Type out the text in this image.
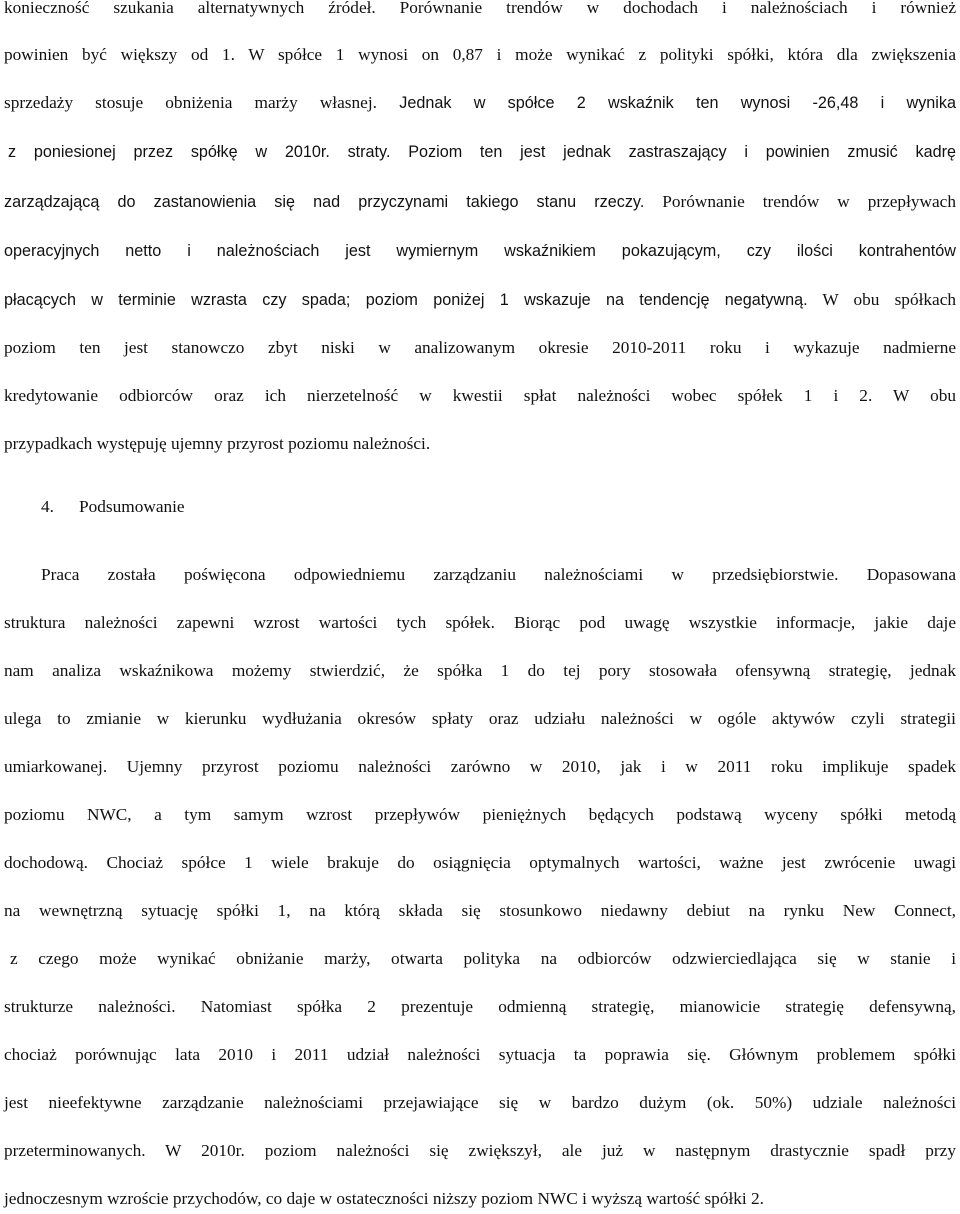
konieczność szukania alternatywnych źródeł. Porównanie trendów w dochodach i należnościach i również
powinien być większy od 1. W spółce 1 wynosi on 0,87 i może wynikać z polityki spółki, która dla zwiększenia
sprzedaży stosuje obniżenia marży własnej. Jednak w spółce 2 wskaźnik ten wynosi -26,48 i wynika
z poniesionej przez spółkę w 2010r. straty. Poziom ten jest jednak zastraszający i powinien zmusić kadrę
zarządzającą do zastanowienia się nad przyczynami takiego stanu rzeczy. Porównanie trendów w przepływach
operacyjnych netto i należnościach jest wymiernym wskaźnikiem pokazującym, czy ilości kontrahentów
płacących w terminie wzrasta czy spada; poziom poniżej 1 wskazuje na tendencję negatywną. W obu spółkach
poziom ten jest stanowczo zbyt niski w analizowanym okresie 2010-2011 roku i wykazuje nadmierne
kredytowanie odbiorców oraz ich nierzetelność w kwestii spłat należności wobec spółek 1 i 2. W obu
przypadkach występuję ujemny przyrost poziomu należności.
4. Podsumowanie
Praca została poświęcona odpowiedniemu zarządzaniu należnościami w przedsiębiorstwie. Dopasowana
struktura należności zapewni wzrost wartości tych spółek. Biorąc pod uwagę wszystkie informacje, jakie daje
nam analiza wskaźnikowa możemy stwierdzić, że spółka 1 do tej pory stosowała ofensywną strategię, jednak
ulega to zmianie w kierunku wydłużania okresów spłaty oraz udziału należności w ogóle aktywów czyli strategii
umiarkowanej. Ujemny przyrost poziomu należności zarówno w 2010, jak i w 2011 roku implikuje spadek
poziomu NWC, a tym samym wzrost przepływów pieniężnych będących podstawą wyceny spółki metodą
dochodową. Chociaż spółce 1 wiele brakuje do osiągnięcia optymalnych wartości, ważne jest zwrócenie uwagi
na wewnętrzną sytuację spółki 1, na którą składa się stosunkowo niedawny debiut na rynku New Connect,
z czego może wynikać obniżanie marży, otwarta polityka na odbiorców odzwierciedlająca się w stanie i
strukturze należności. Natomiast spółka 2 prezentuje odmienną strategię, mianowicie strategię defensywną,
chociaż porównując lata 2010 i 2011 udział należności sytuacja ta poprawia się. Głównym problemem spółki
jest nieefektywne zarządzanie należnościami przejawiające się w bardzo dużym (ok. 50%) udziale należności
przeterminowanych. W 2010r. poziom należności się zwiększył, ale już w następnym drastycznie spadł przy
jednoczesnym wzroście przychodów, co daje w ostateczności niższy poziom NWC i wyższą wartość spółki 2.
